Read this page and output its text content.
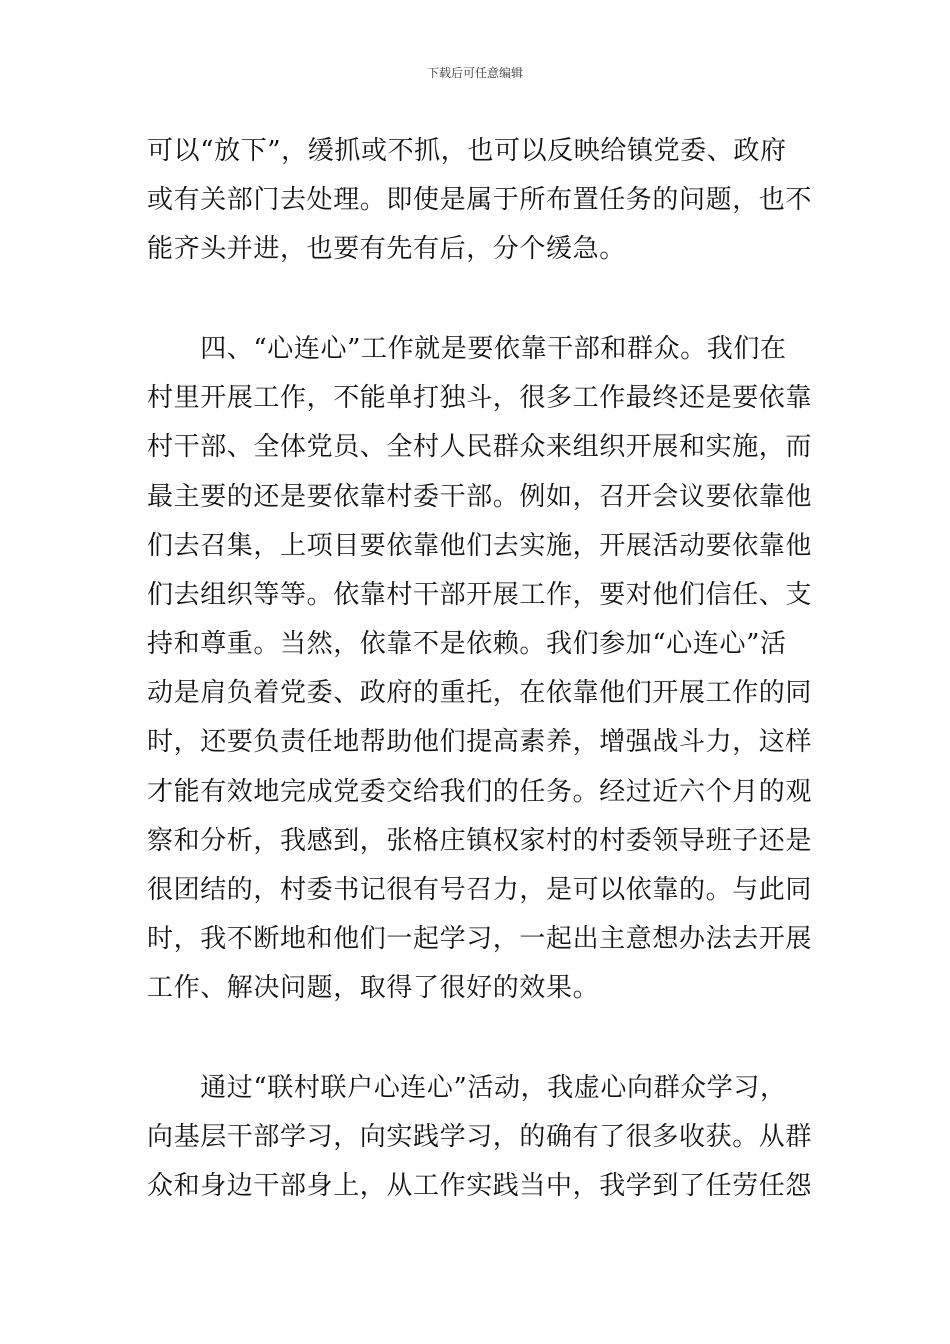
下载后可任意编辑
可以“放下”，缓抓或不抓，也可以反映给镇党委、政府
或有关部门去处理。即使是属于所布置任务的问题，也不
能齐头并进，也要有先有后，分个缓急。
　　四、“心连心”工作就是要依靠干部和群众。我们在
村里开展工作，不能单打独斗，很多工作最终还是要依靠
村干部、全体党员、全村人民群众来组织开展和实施，而
最主要的还是要依靠村委干部。例如，召开会议要依靠他
们去召集，上项目要依靠他们去实施，开展活动要依靠他
们去组织等等。依靠村干部开展工作，要对他们信任、支
持和尊重。当然，依靠不是依赖。我们参加“心连心”活
动是肩负着党委、政府的重托，在依靠他们开展工作的同
时，还要负责任地帮助他们提高素养，增强战斗力，这样
才能有效地完成党委交给我们的任务。经过近六个月的观
察和分析，我感到，张格庄镇权家村的村委领导班子还是
很团结的，村委书记很有号召力，是可以依靠的。与此同
时，我不断地和他们一起学习，一起出主意想办法去开展
工作、解决问题，取得了很好的效果。
　　通过“联村联户心连心”活动，我虚心向群众学习，
向基层干部学习，向实践学习，的确有了很多收获。从群
众和身边干部身上，从工作实践当中，我学到了任劳任怨
